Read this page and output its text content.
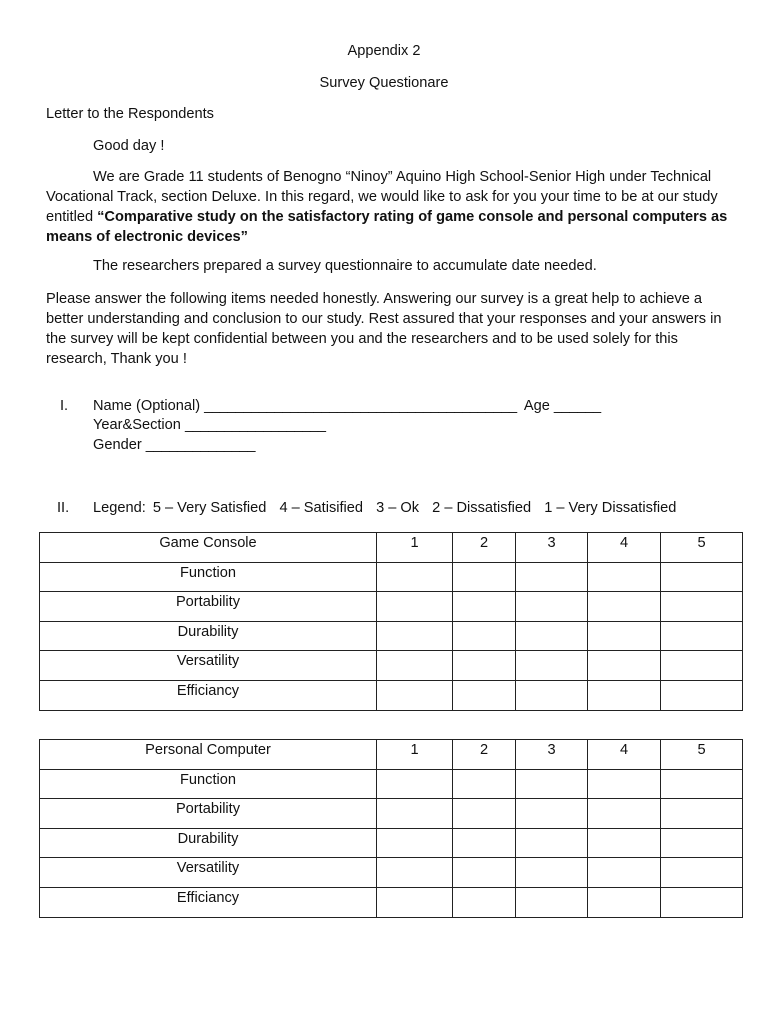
Appendix 2
Survey Questionare
Letter to the Respondents
Good day !
We are Grade 11 students of Benogno “Ninoy” Aquino High School-Senior High under Technical Vocational Track, section Deluxe. In this regard, we would like to ask for you your time to be at our study entitled “Comparative study on the satisfactory rating of game console and personal computers as means of electronic devices”
The researchers prepared a survey questionnaire to accumulate date needed.
Please answer the following items needed honestly. Answering our survey is a great help to achieve a better understanding and conclusion to our study. Rest assured that your responses and your answers in the survey will be kept confidential between you and the researchers and to be used solely for this research, Thank you !
I. Name (Optional) ________________________________________ Age ______
Year&Section __________________
Gender ______________
II. Legend: 5 – Very Satisfied 4 – Satisified 3 – Ok 2 – Dissatisfied 1 – Very Dissatisfied
Game Console	1	2	3	4	5
Function					
Portability					
Durability					
Versatility					
Efficiancy					
Personal Computer	1	2	3	4	5
Function					
Portability					
Durability					
Versatility					
Efficiancy					
